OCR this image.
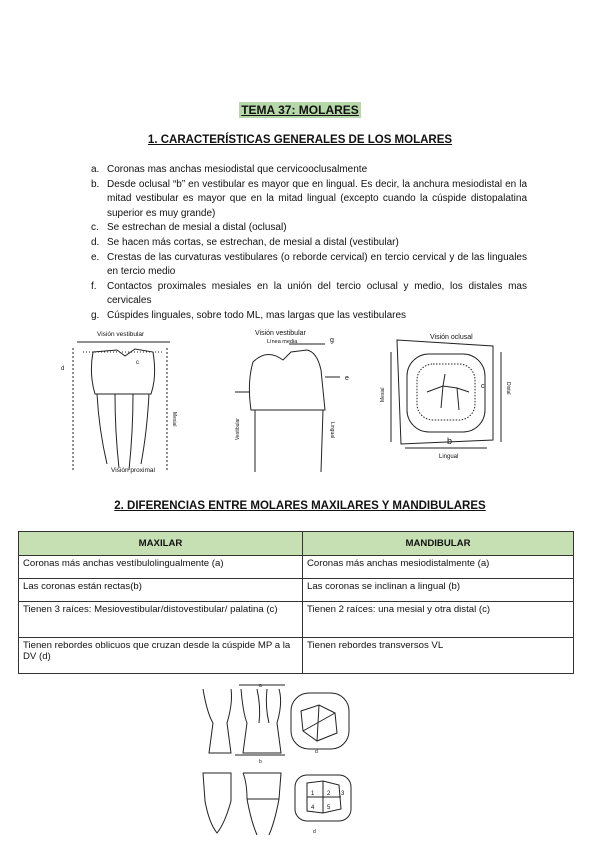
TEMA 37: MOLARES
1. CARACTERÍSTICAS GENERALES DE LOS MOLARES
a. Coronas mas anchas mesiodistal que cervicooclusalmente
b. Desde oclusal “b” en vestibular es mayor que en lingual. Es decir, la anchura mesiodistal en la mitad vestibular es mayor que en la mitad lingual (excepto cuando la cúspide distopalatina superior es muy grande)
c. Se estrechan de mesial a distal (oclusal)
d. Se hacen más cortas, se estrechan, de mesial a distal (vestibular)
e. Crestas de las curvaturas vestibulares (o reborde cervical) en tercio cervical y de las linguales en tercio medio
f. Contactos proximales mesiales en la unión del tercio oclusal y medio, los distales mas cervicales
g. Cúspides linguales, sobre todo ML, mas largas que las vestibulares
Visión vestibular
c
d
Mesial
Visión proximal
Visión vestibular
Línea media	g
e
Vestibular	Lingual
Visión oclusal
Mesial	Distal
b
c
Lingual
2. DIFERENCIAS ENTRE MOLARES MAXILARES Y MANDIBULARES
MAXILAR	MANDIBULAR
Coronas más anchas vestíbulolingualmente (a)	Coronas más anchas mesiodistalmente (a)
Las coronas están rectas(b)	Las coronas se inclinan a lingual (b)
Tienen 3 raíces: Mesiovestibular/distovestibular/ palatina (c)	Tienen 2 raíces: una mesial y otra distal (c)
Tienen rebordes oblicuos que cruzan desde la cúspide MP a la DV (d)	Tienen rebordes transversos VL
b
a
d
1 2 3
4 5
d
